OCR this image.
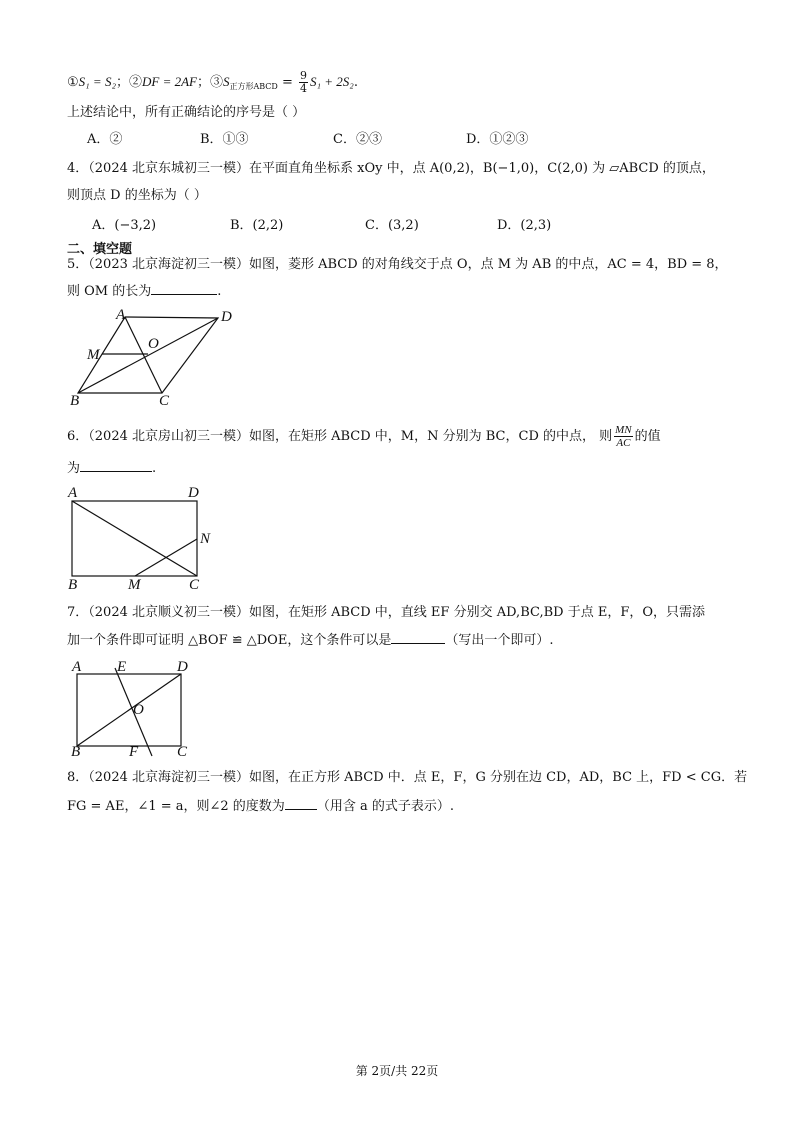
①S₁ = S₂；②DF = 2AF；$③S_{正方形ABCD} = \frac{9}{4} S_1 + 2S_2$.
上述结论中，所有正确结论的序号是（ ）
A．②	B．①③	C．②③	D．①②③
4．（2024 北京东城初三一模）在平面直角坐标系 xOy 中，点 A(0,2)，B(−1,0)，C(2,0) 为 ▱ABCD 的顶点，
则顶点 D 的坐标为（ ）
A．(−3,2)	B．(2,2)	C．(3,2)	D．(2,3)
二、填空题
5．（2023 北京海淀初三一模）如图，菱形 ABCD 的对角线交于点 O，点 M 为 AB 的中点，AC = 4，BD = 8，
则 OM 的长为	.
A	D
M
O
B	C
6．（2024 北京房山初三一模）如图，在矩形 ABCD 中，M，N 分别为 BC，CD 的中点， 则 $\frac{MN}{AC}$ 的值
为	.
A	D
N
B	M	C
7．（2024 北京顺义初三一模）如图，在矩形 ABCD 中，直线 EF 分别交 AD,BC,BD 于点 E，F，O，只需添
加一个条件即可证明 △BOF ≌ △DOE，这个条件可以是	（写出一个即可）.
A E	D
O
B	F	C
8．（2024 北京海淀初三一模）如图，在正方形 ABCD 中．点 E，F，G 分别在边 CD，AD，BC 上，FD < CG．若
FG = AE，∠1 = a，则∠2 的度数为 （用含 a 的式子表示）.
第 2页/共 22页
